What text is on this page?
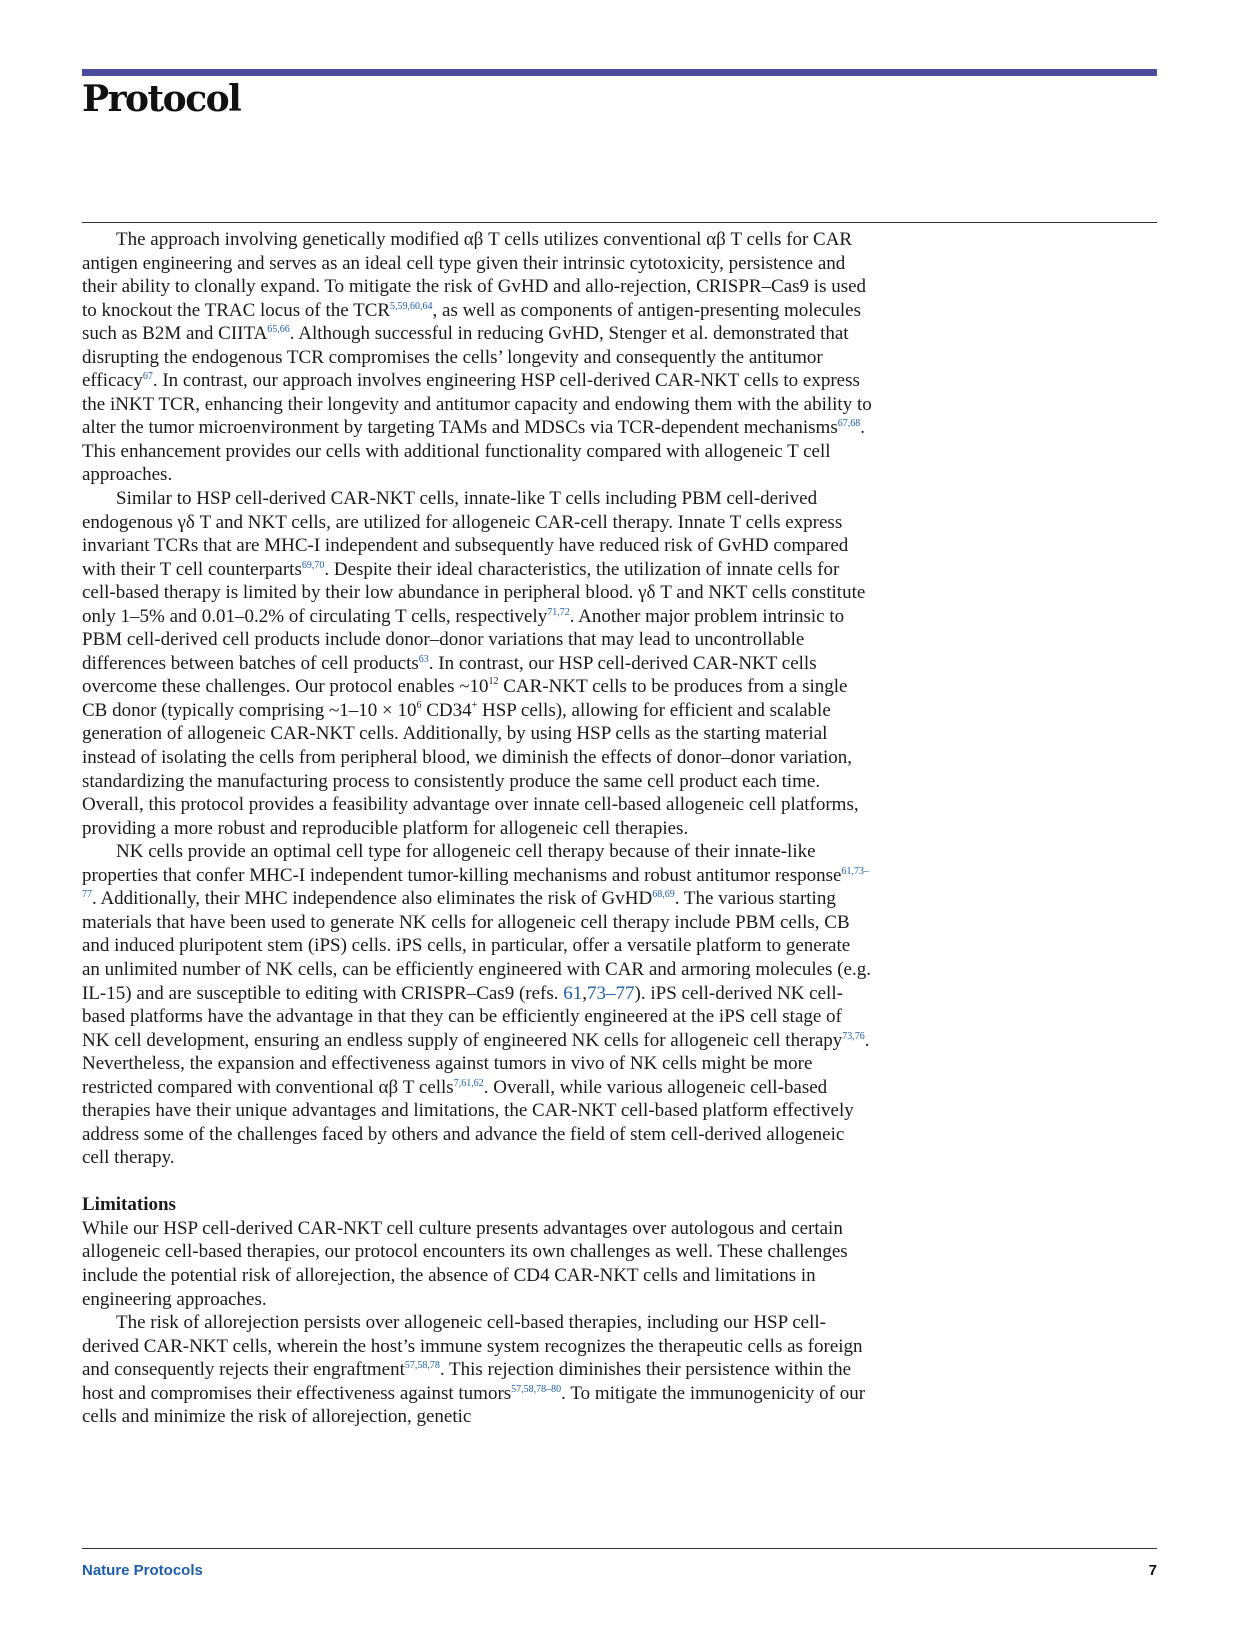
Protocol

The approach involving genetically modified αβ T cells utilizes conventional αβ T cells for CAR antigen engineering and serves as an ideal cell type given their intrinsic cytotoxicity, persistence and their ability to clonally expand. To mitigate the risk of GvHD and allo-rejection, CRISPR–Cas9 is used to knockout the TRAC locus of the TCR$^{5,59,60,64}$, as well as components of antigen-presenting molecules such as B2M and CIITA$^{65,66}$. Although successful in reducing GvHD, Stenger et al. demonstrated that disrupting the endogenous TCR compromises the cells’ longevity and consequently the antitumor efficacy$^{67}$. In contrast, our approach involves engineering HSP cell-derived CAR-NKT cells to express the iNKT TCR, enhancing their longevity and antitumor capacity and endowing them with the ability to alter the tumor microenvironment by targeting TAMs and MDSCs via TCR-dependent mechanisms$^{67,68}$. This enhancement provides our cells with additional functionality compared with allogeneic T cell approaches.

Similar to HSP cell-derived CAR-NKT cells, innate-like T cells including PBM cell-derived endogenous γδ T and NKT cells, are utilized for allogeneic CAR-cell therapy. Innate T cells express invariant TCRs that are MHC-I independent and subsequently have reduced risk of GvHD compared with their T cell counterparts$^{69,70}$. Despite their ideal characteristics, the utilization of innate cells for cell-based therapy is limited by their low abundance in peripheral blood. γδ T and NKT cells constitute only 1–5% and 0.01–0.2% of circulating T cells, respectively$^{71,72}$. Another major problem intrinsic to PBM cell-derived cell products include donor–donor variations that may lead to uncontrollable differences between batches of cell products$^{63}$. In contrast, our HSP cell-derived CAR-NKT cells overcome these challenges. Our protocol enables $\sim 10^{12}$ CAR-NKT cells to be produces from a single CB donor (typically comprising ~1–10 × $10^6$ CD34+ HSP cells), allowing for efficient and scalable generation of allogeneic CAR-NKT cells. Additionally, by using HSP cells as the starting material instead of isolating the cells from peripheral blood, we diminish the effects of donor–donor variation, standardizing the manufacturing process to consistently produce the same cell product each time. Overall, this protocol provides a feasibility advantage over innate cell-based allogeneic cell platforms, providing a more robust and reproducible platform for allogeneic cell therapies.

NK cells provide an optimal cell type for allogeneic cell therapy because of their innate-like properties that confer MHC-I independent tumor-killing mechanisms and robust antitumor response$^{61,73-77}$. Additionally, their MHC independence also eliminates the risk of GvHD$^{68,69}$. The various starting materials that have been used to generate NK cells for allogeneic cell therapy include PBM cells, CB and induced pluripotent stem (iPS) cells. iPS cells, in particular, offer a versatile platform to generate an unlimited number of NK cells, can be efficiently engineered with CAR and armoring molecules (e.g. IL-15) and are susceptible to editing with CRISPR–Cas9 (refs. 61,73–77). iPS cell-derived NK cell-based platforms have the advantage in that they can be efficiently engineered at the iPS cell stage of NK cell development, ensuring an endless supply of engineered NK cells for allogeneic cell therapy$^{73,76}$. Nevertheless, the expansion and effectiveness against tumors in vivo of NK cells might be more restricted compared with conventional αβ T cells$^{7,61,62}$. Overall, while various allogeneic cell-based therapies have their unique advantages and limitations, the CAR-NKT cell-based platform effectively address some of the challenges faced by others and advance the field of stem cell-derived allogeneic cell therapy.

Limitations

While our HSP cell-derived CAR-NKT cell culture presents advantages over autologous and certain allogeneic cell-based therapies, our protocol encounters its own challenges as well. These challenges include the potential risk of allorejection, the absence of CD4 CAR-NKT cells and limitations in engineering approaches.

The risk of allorejection persists over allogeneic cell-based therapies, including our HSP cell-derived CAR-NKT cells, wherein the host’s immune system recognizes the therapeutic cells as foreign and consequently rejects their engraftment$^{57,58,78}$. This rejection diminishes their persistence within the host and compromises their effectiveness against tumors$^{57,58,78-80}$. To mitigate the immunogenicity of our cells and minimize the risk of allorejection, genetic

Nature Protocols	7
